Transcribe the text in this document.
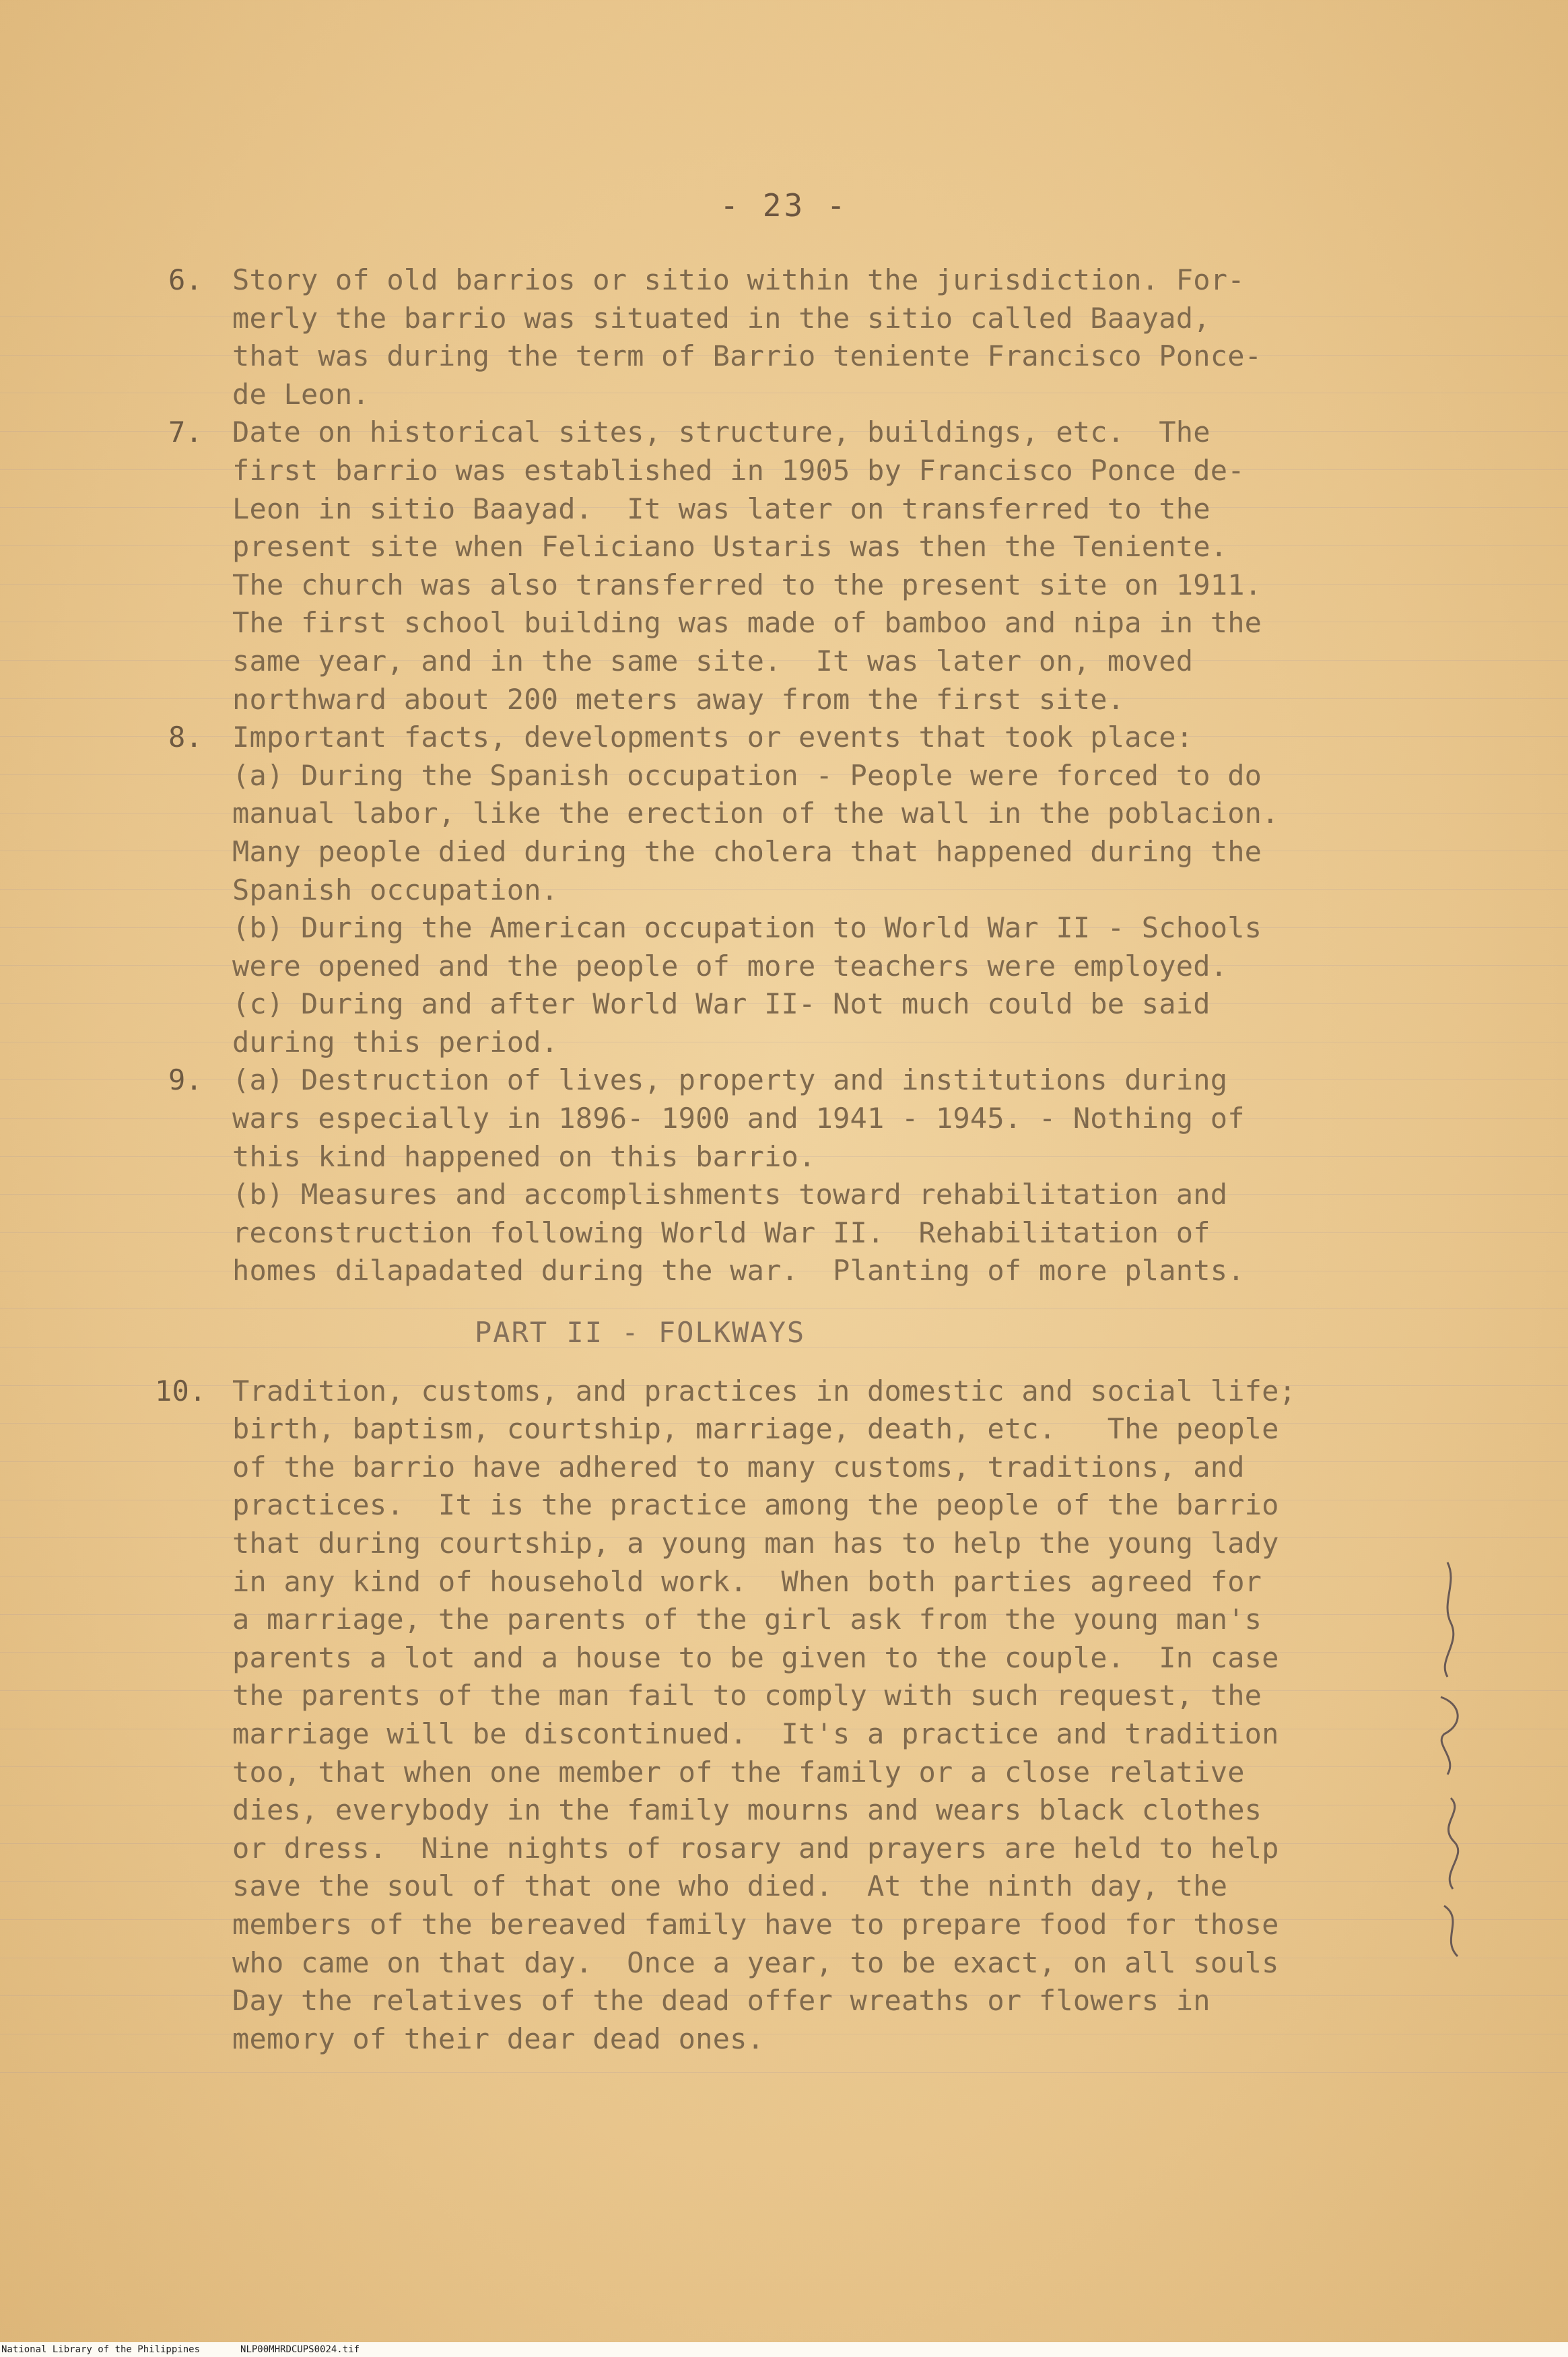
- 23 -
6. Story of old barrios or sitio within the jurisdiction. For-
merly the barrio was situated in the sitio called Baayad,
that was during the term of Barrio teniente Francisco Ponce-
de Leon.
7. Date on historical sites, structure, buildings, etc.  The
first barrio was established in 1905 by Francisco Ponce de-
Leon in sitio Baayad.  It was later on transferred to the
present site when Feliciano Ustaris was then the Teniente.
The church was also transferred to the present site on 1911.
The first school building was made of bamboo and nipa in the
same year, and in the same site.  It was later on, moved
northward about 200 meters away from the first site.
8. Important facts, developments or events that took place:
(a) During the Spanish occupation - People were forced to do
manual labor, like the erection of the wall in the poblacion.
Many people died during the cholera that happened during the
Spanish occupation.
(b) During the American occupation to World War II - Schools
were opened and the people of more teachers were employed.
(c) During and after World War II- Not much could be said
during this period.
9. (a) Destruction of lives, property and institutions during
wars especially in 1896- 1900 and 1941 - 1945. - Nothing of
this kind happened on this barrio.
(b) Measures and accomplishments toward rehabilitation and
reconstruction following World War II.  Rehabilitation of
homes dilapadated during the war.  Planting of more plants.
PART II - FOLKWAYS
10. Tradition, customs, and practices in domestic and social life;
birth, baptism, courtship, marriage, death, etc.   The people
of the barrio have adhered to many customs, traditions, and
practices.  It is the practice among the people of the barrio
that during courtship, a young man has to help the young lady
in any kind of household work.  When both parties agreed for
a marriage, the parents of the girl ask from the young man's
parents a lot and a house to be given to the couple.  In case
the parents of the man fail to comply with such request, the
marriage will be discontinued.  It's a practice and tradition
too, that when one member of the family or a close relative
dies, everybody in the family mourns and wears black clothes
or dress.  Nine nights of rosary and prayers are held to help
save the soul of that one who died.  At the ninth day, the
members of the bereaved family have to prepare food for those
who came on that day.  Once a year, to be exact, on all souls
Day the relatives of the dead offer wreaths or flowers in
memory of their dear dead ones.
National Library of the Philippines	NLP00MHRDCUPS0024.tif
